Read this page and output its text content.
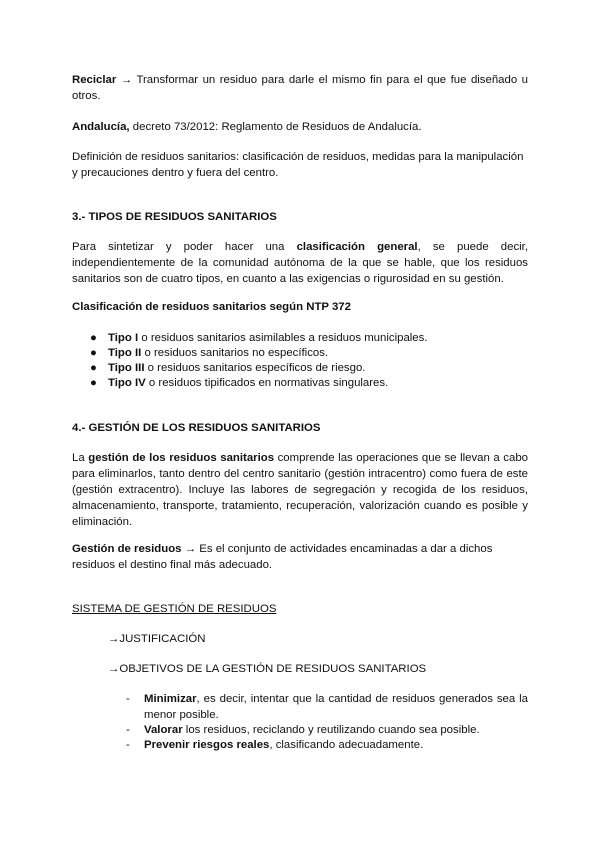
Reciclar → Transformar un residuo para darle el mismo fin para el que fue diseñado u otros.

Andalucía, decreto 73/2012: Reglamento de Residuos de Andalucía.

Definición de residuos sanitarios: clasificación de residuos, medidas para la manipulación y precauciones dentro y fuera del centro.

3.- TIPOS DE RESIDUOS SANITARIOS

Para sintetizar y poder hacer una clasificación general, se puede decir, independientemente de la comunidad autónoma de la que se hable, que los residuos sanitarios son de cuatro tipos, en cuanto a las exigencias o rigurosidad en su gestión.

Clasificación de residuos sanitarios según NTP 372

● Tipo I o residuos sanitarios asimilables a residuos municipales.
● Tipo II o residuos sanitarios no específicos.
● Tipo III o residuos sanitarios específicos de riesgo.
● Tipo IV o residuos tipificados en normativas singulares.

4.- GESTIÓN DE LOS RESIDUOS SANITARIOS

La gestión de los residuos sanitarios comprende las operaciones que se llevan a cabo para eliminarlos, tanto dentro del centro sanitario (gestión intracentro) como fuera de este (gestión extracentro). Incluye las labores de segregación y recogida de los residuos, almacenamiento, transporte, tratamiento, recuperación, valorización cuando es posible y eliminación.

Gestión de residuos → Es el conjunto de actividades encaminadas a dar a dichos residuos el destino final más adecuado.

SISTEMA DE GESTIÓN DE RESIDUOS

→JUSTIFICACIÓN

→OBJETIVOS DE LA GESTIÓN DE RESIDUOS SANITARIOS

- Minimizar, es decir, intentar que la cantidad de residuos generados sea la menor posible.
- Valorar los residuos, reciclando y reutilizando cuando sea posible.
- Prevenir riesgos reales, clasificando adecuadamente.
